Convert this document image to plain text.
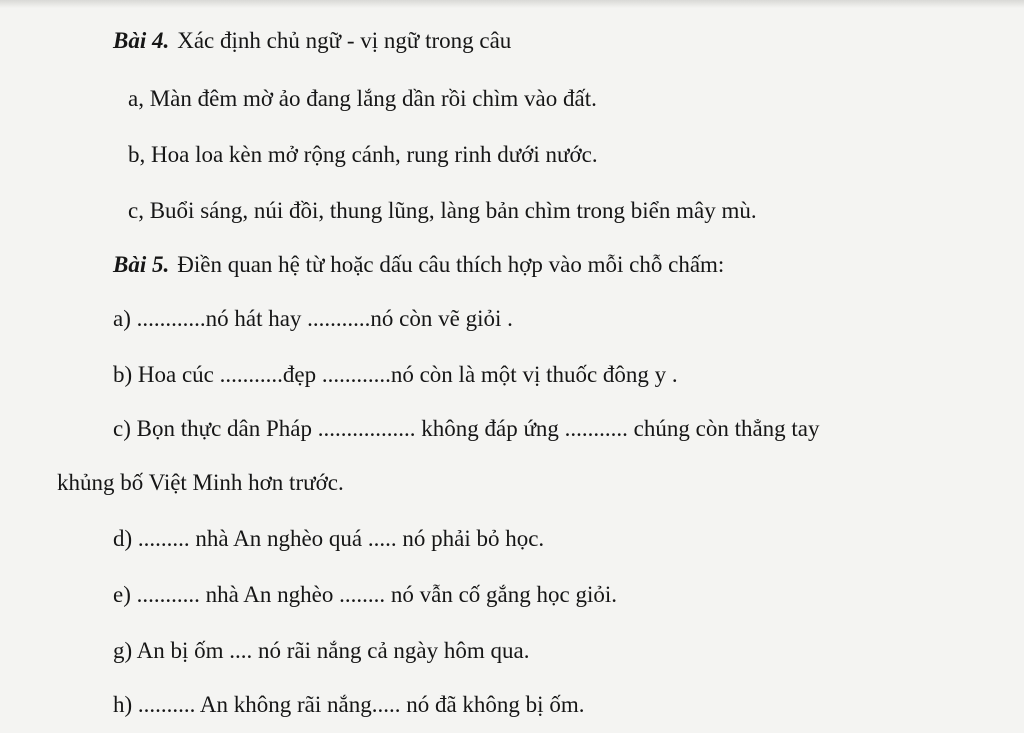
Bài 4. Xác định chủ ngữ - vị ngữ trong câu
a, Màn đêm mờ ảo đang lắng dần rồi chìm vào đất.
b, Hoa loa kèn mở rộng cánh, rung rinh dưới nước.
c, Buổi sáng, núi đồi, thung lũng, làng bản chìm trong biển mây mù.
Bài 5. Điền quan hệ từ hoặc dấu câu thích hợp vào mỗi chỗ chấm:
a) ............nó hát hay ...........nó còn vẽ giỏi .
b) Hoa cúc ...........đẹp ............nó còn là một vị thuốc đông y .
c) Bọn thực dân Pháp ................. không đáp ứng ........... chúng còn thẳng tay
khủng bố Việt Minh hơn trước.
d) ......... nhà An nghèo quá ..... nó phải bỏ học.
e) ........... nhà An nghèo ........ nó vẫn cố gắng học giỏi.
g) An bị ốm .... nó rãi nắng cả ngày hôm qua.
h) .......... An không rãi nắng..... nó đã không bị ốm.
